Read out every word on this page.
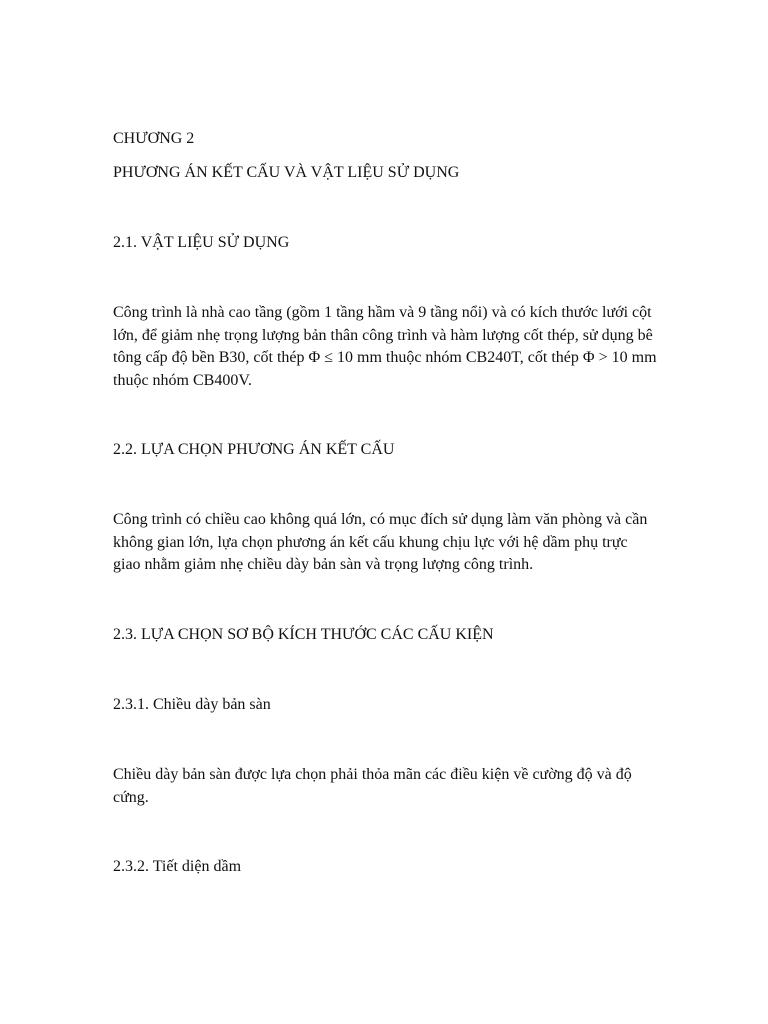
CHƯƠNG 2

PHƯƠNG ÁN KẾT CẤU VÀ VẬT LIỆU SỬ DỤNG

2.1. VẬT LIỆU SỬ DỤNG

Công trình là nhà cao tầng (gồm 1 tầng hầm và 9 tầng nổi) và có kích thước lưới cột lớn, để giảm nhẹ trọng lượng bản thân công trình và hàm lượng cốt thép, sử dụng bê tông cấp độ bền B30, cốt thép Φ ≤ 10 mm thuộc nhóm CB240T, cốt thép Φ > 10 mm thuộc nhóm CB400V.

2.2. LỰA CHỌN PHƯƠNG ÁN KẾT CẤU

Công trình có chiều cao không quá lớn, có mục đích sử dụng làm văn phòng và cần không gian lớn, lựa chọn phương án kết cấu khung chịu lực với hệ dầm phụ trực giao nhằm giảm nhẹ chiều dày bản sàn và trọng lượng công trình.

2.3. LỰA CHỌN SƠ BỘ KÍCH THƯỚC CÁC CẤU KIỆN

2.3.1. Chiều dày bản sàn

Chiều dày bản sàn được lựa chọn phải thỏa mãn các điều kiện về cường độ và độ cứng.

2.3.2. Tiết diện dầm
